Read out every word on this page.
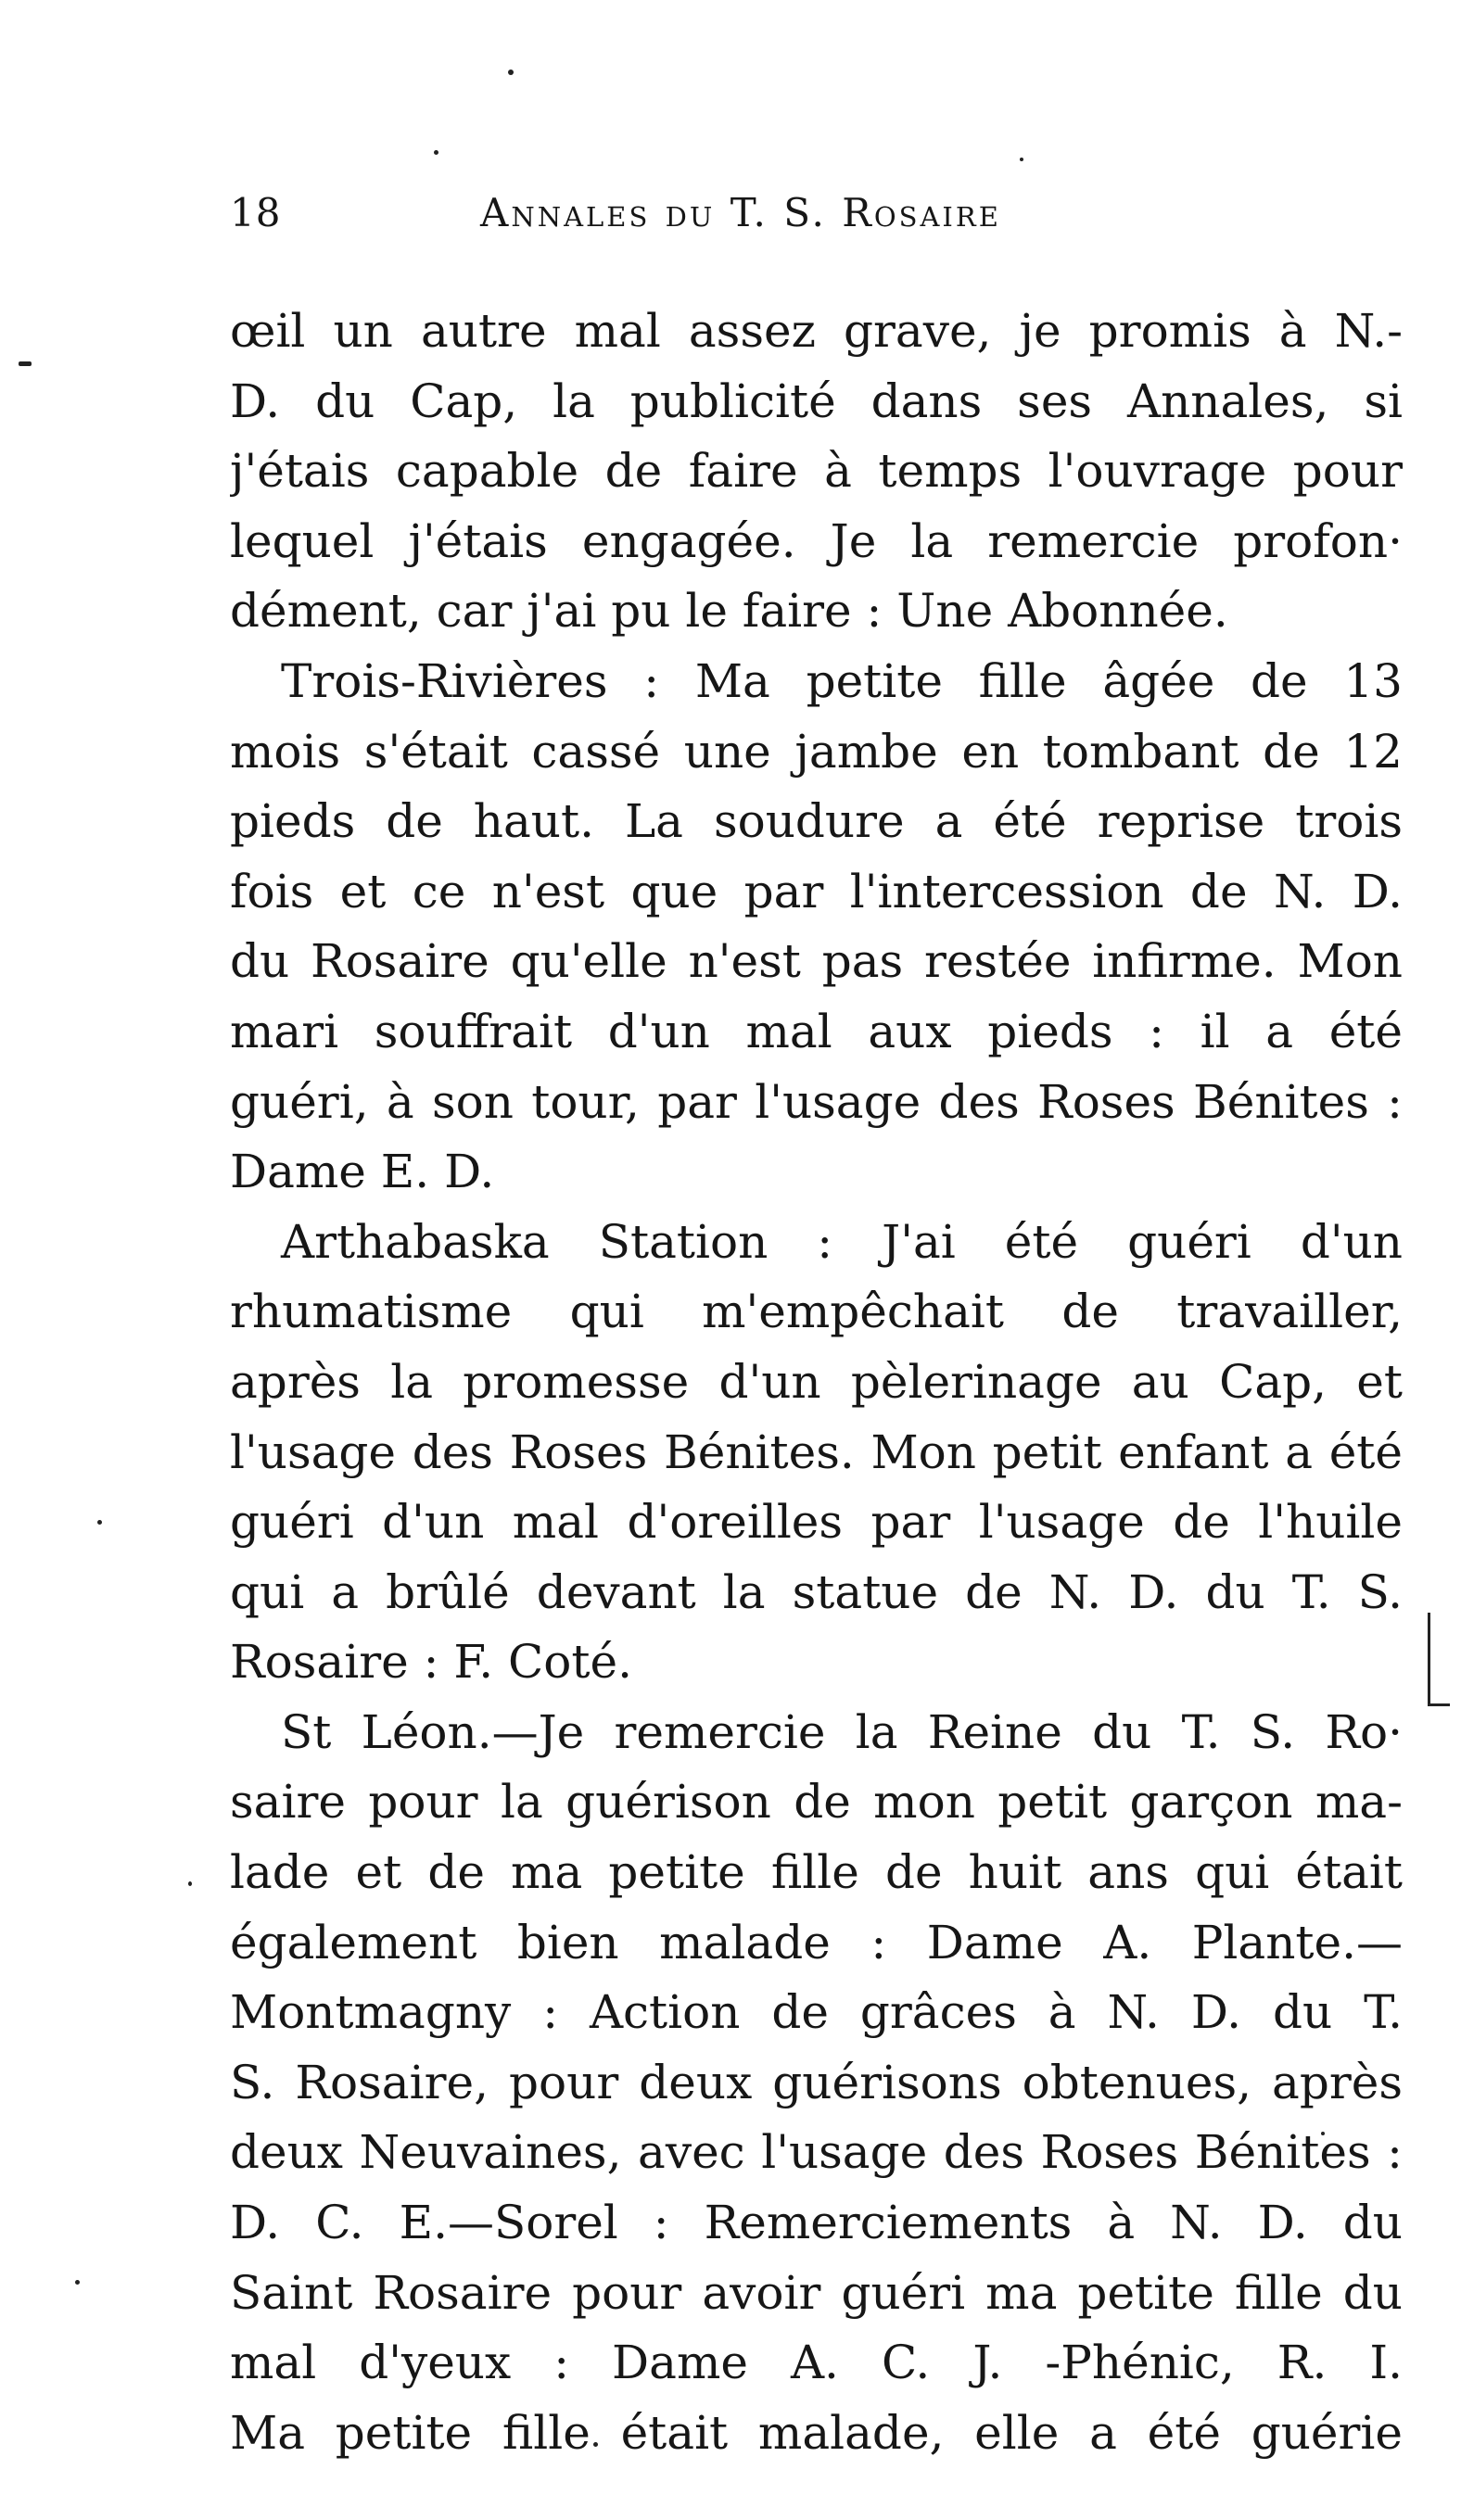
18	Annales du T. S. Rosaire
œil un autre mal assez grave, je promis à N.-
D. du Cap, la publicité dans ses Annales, si
j'étais capable de faire à temps l'ouvrage pour
lequel j'étais engagée. Je la remercie profon·
dément, car j'ai pu le faire : Une Abonnée.
Trois-Rivières : Ma petite fille âgée de 13
mois s'était cassé une jambe en tombant de 12
pieds de haut. La soudure a été reprise trois
fois et ce n'est que par l'intercession de N. D.
du Rosaire qu'elle n'est pas restée infirme. Mon
mari souffrait d'un mal aux pieds : il a été
guéri, à son tour, par l'usage des Roses Bénites :
Dame E. D.
Arthabaska Station : J'ai été guéri d'un
rhumatisme qui m'empêchait de travailler,
après la promesse d'un pèlerinage au Cap, et
l'usage des Roses Bénites. Mon petit enfant a été
guéri d'un mal d'oreilles par l'usage de l'huile
qui a brûlé devant la statue de N. D. du T. S.
Rosaire : F. Coté.
St Léon.—Je remercie la Reine du T. S. Ro·
saire pour la guérison de mon petit garçon ma-
lade et de ma petite fille de huit ans qui était
également bien malade : Dame A. Plante.—
Montmagny : Action de grâces à N. D. du T.
S. Rosaire, pour deux guérisons obtenues, après
deux Neuvaines, avec l'usage des Roses Bénites :
D. C. E.—Sorel : Remerciements à N. D. du
Saint Rosaire pour avoir guéri ma petite fille du
mal d'yeux : Dame A. C. J. -Phénic, R. I.
Ma petite fille était malade, elle a été guérie
